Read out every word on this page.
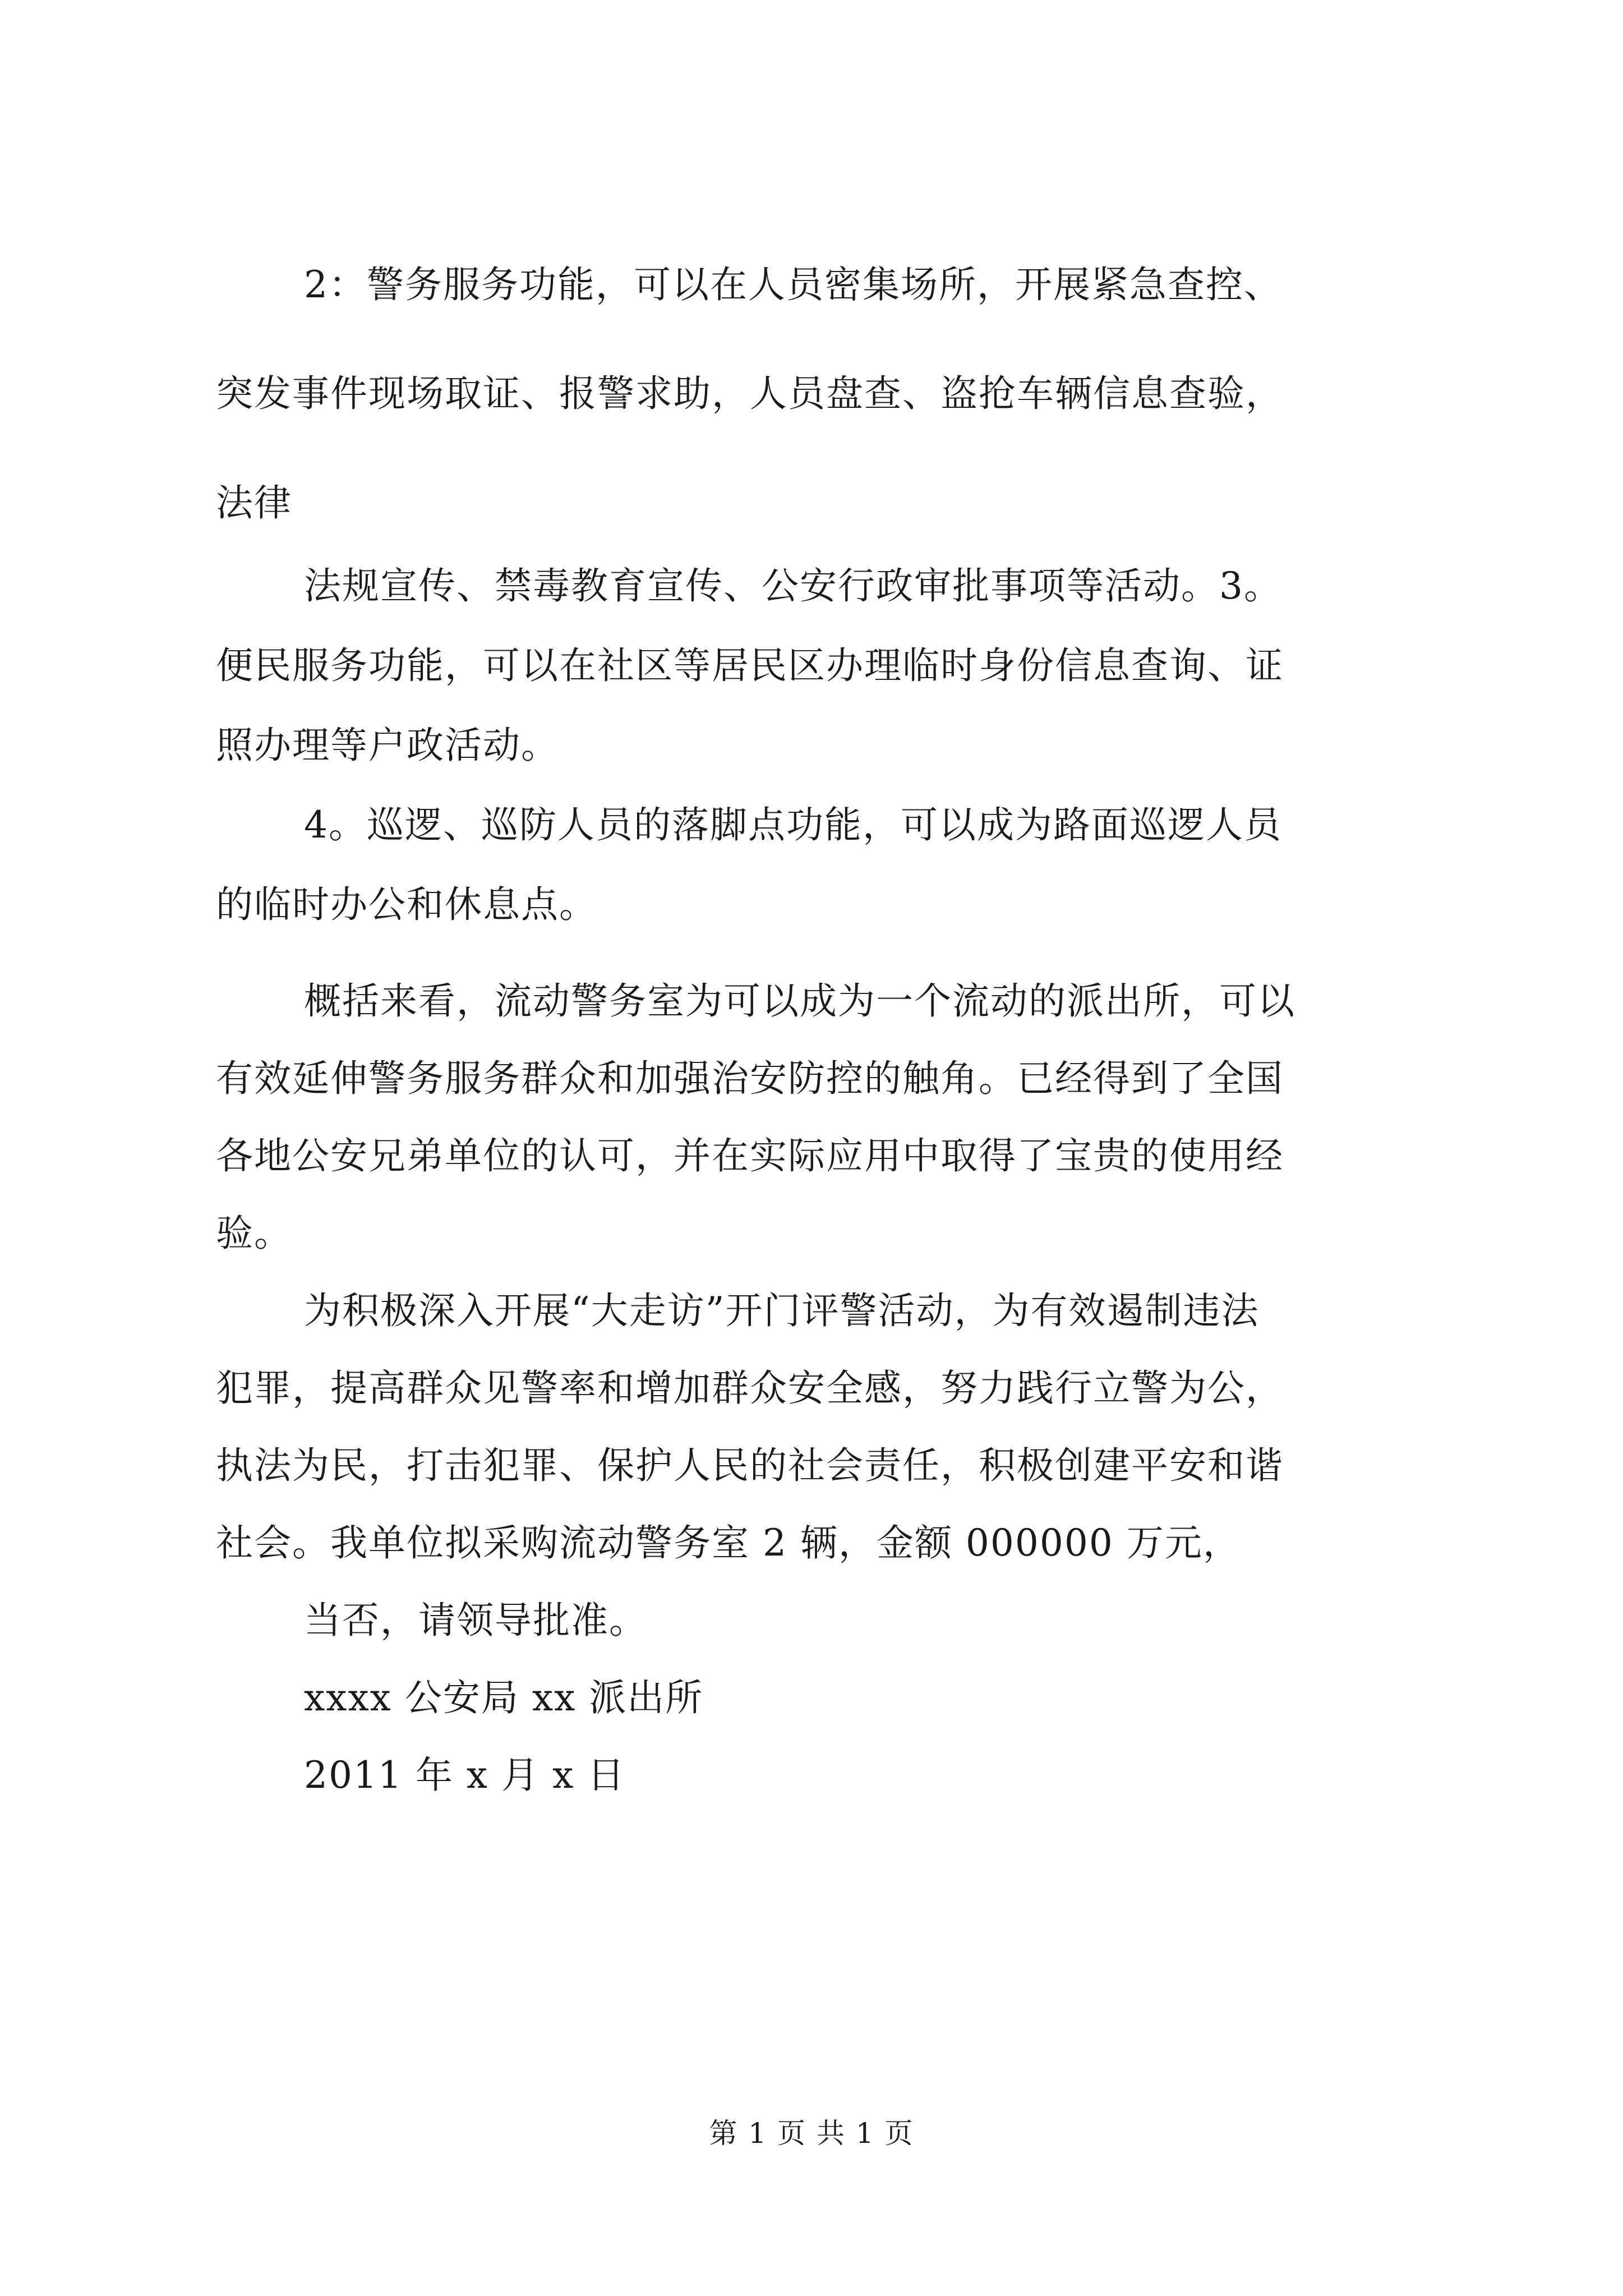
2：警务服务功能，可以在人员密集场所，开展紧急查控、
突发事件现场取证、报警求助，人员盘查、盗抢车辆信息查验，
法律
法规宣传、禁毒教育宣传、公安行政审批事项等活动。3。
便民服务功能，可以在社区等居民区办理临时身份信息查询、证
照办理等户政活动。
4。巡逻、巡防人员的落脚点功能，可以成为路面巡逻人员
的临时办公和休息点。
概括来看，流动警务室为可以成为一个流动的派出所，可以
有效延伸警务服务群众和加强治安防控的触角。已经得到了全国
各地公安兄弟单位的认可，并在实际应用中取得了宝贵的使用经
验。
为积极深入开展“大走访”开门评警活动，为有效遏制违法
犯罪，提高群众见警率和增加群众安全感，努力践行立警为公，
执法为民，打击犯罪、保护人民的社会责任，积极创建平安和谐
社会。我单位拟采购流动警务室 2 辆，金额 000000 万元，
当否，请领导批准。
xxxx 公安局 xx 派出所
2011 年 x 月 x 日
第 1 页 共 1 页
